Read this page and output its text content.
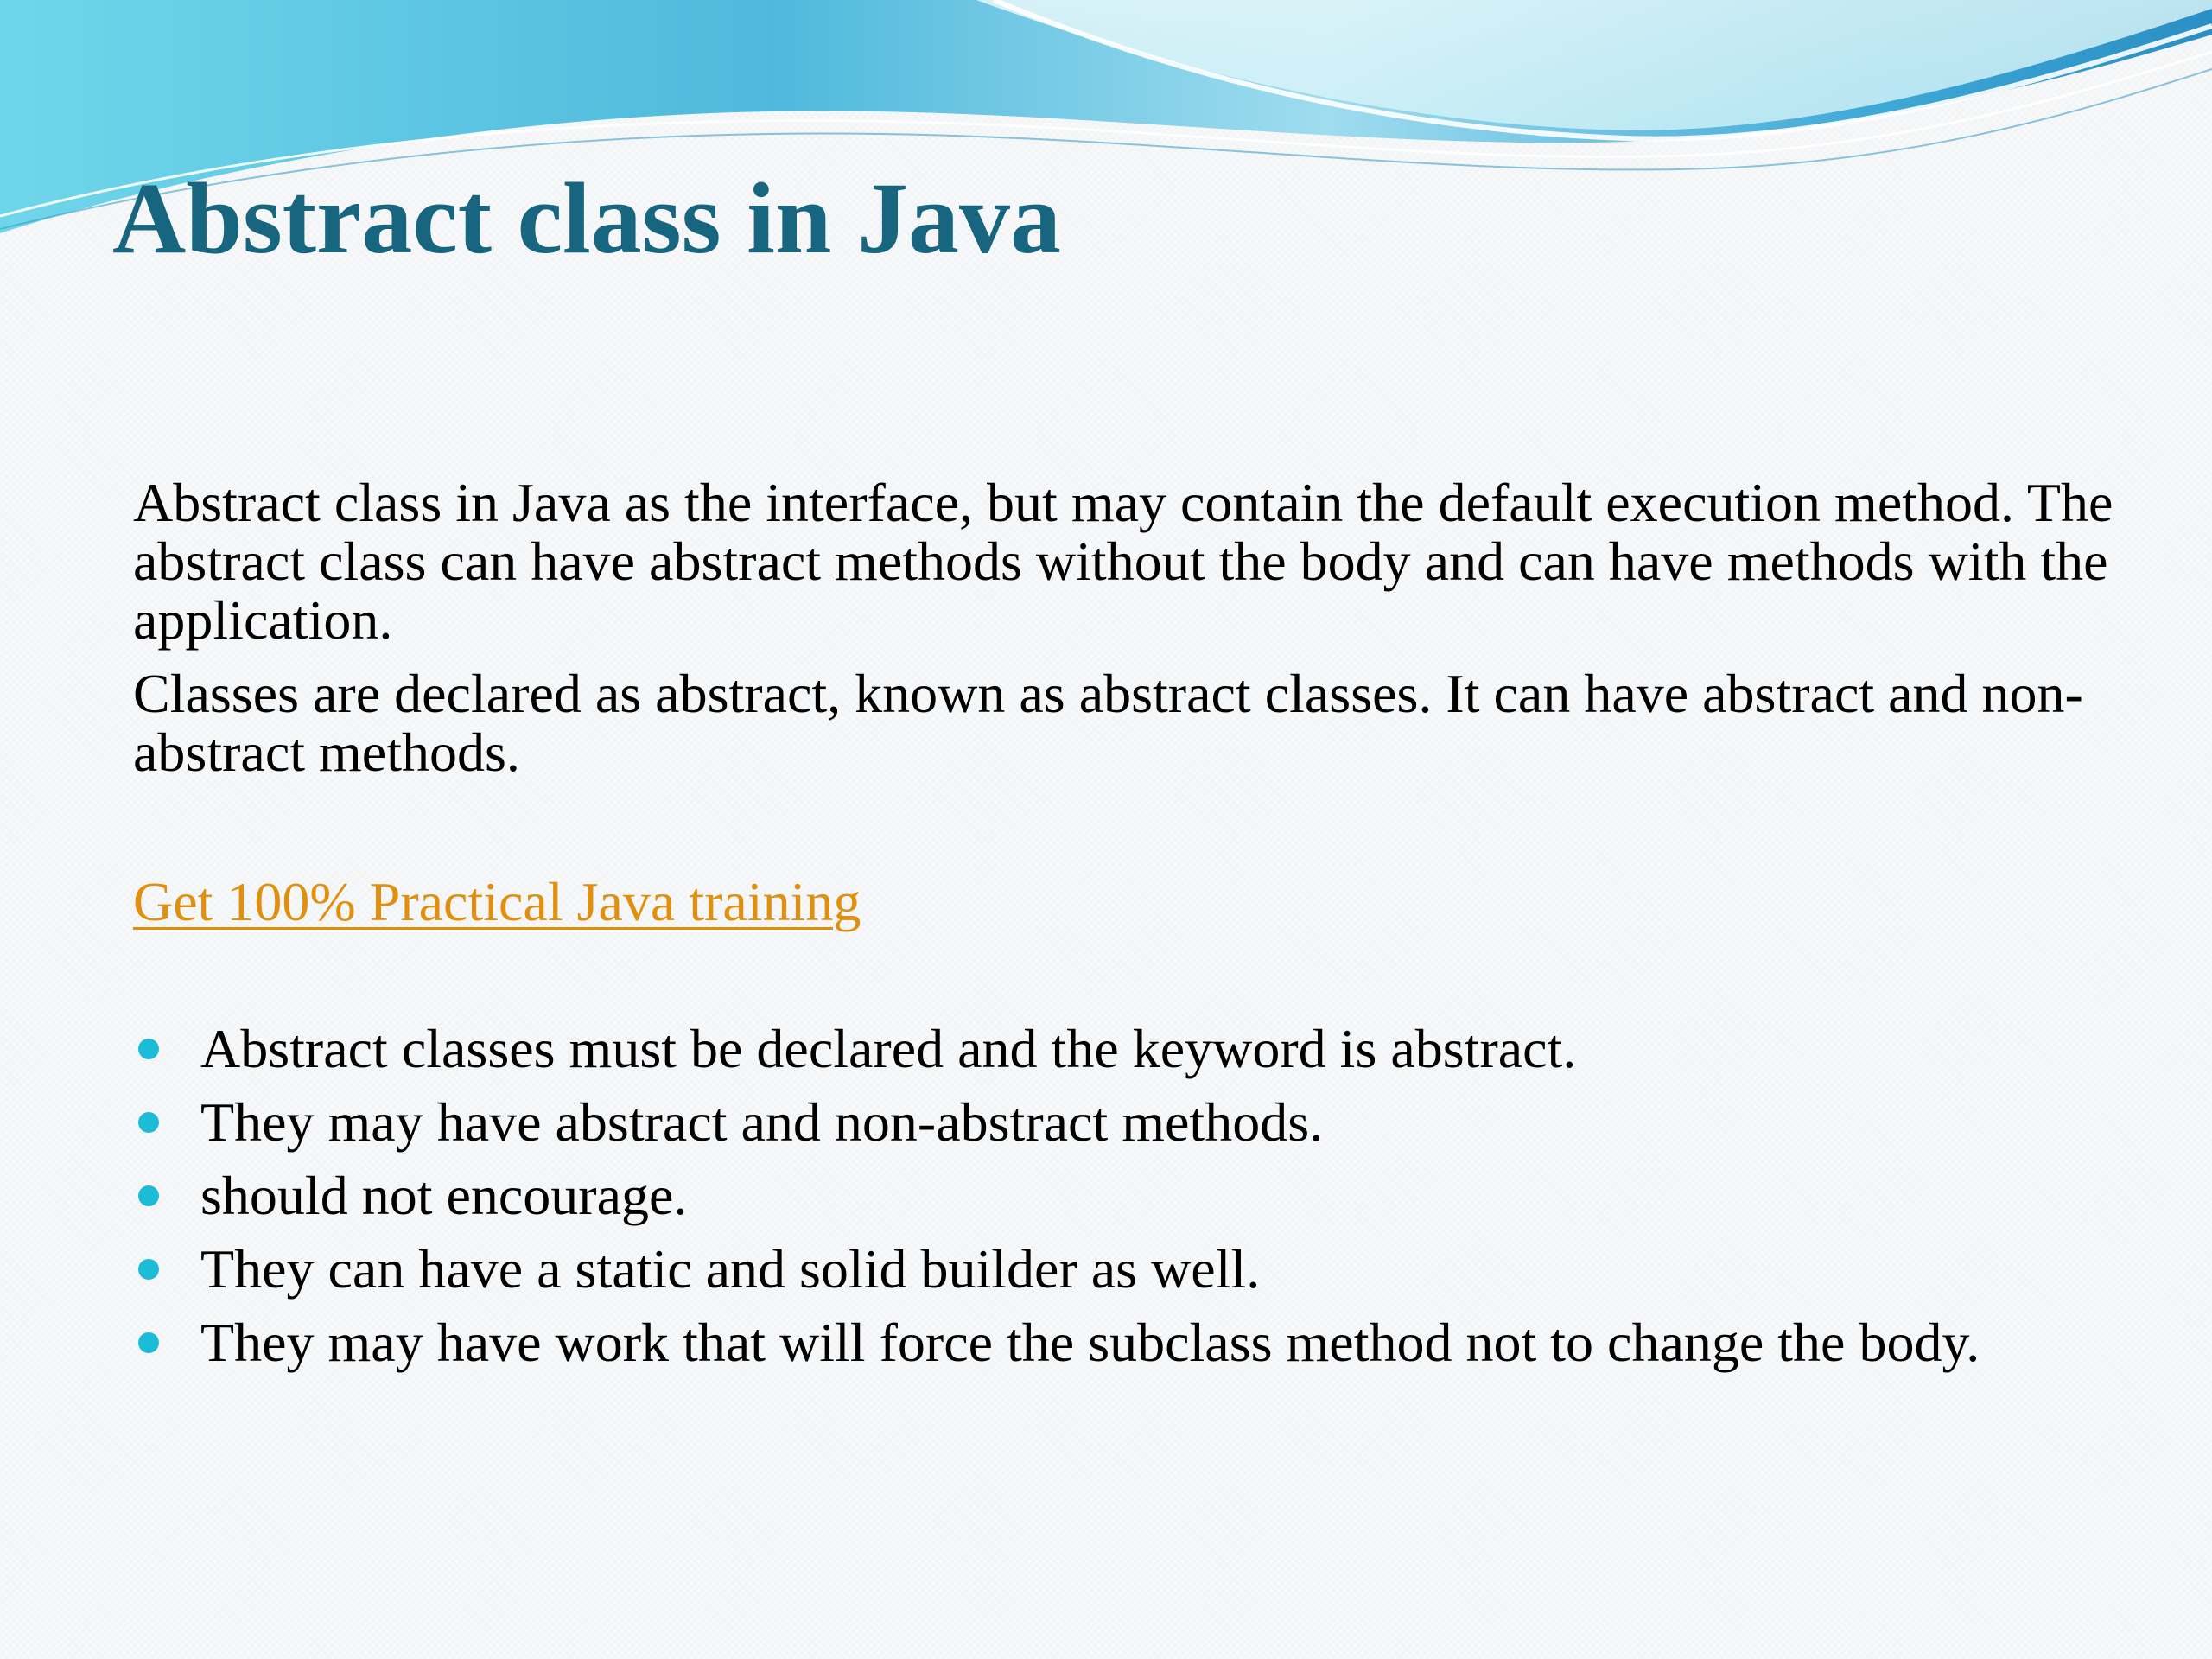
Abstract class in Java

Abstract class in Java as the interface, but may contain the default execution method. The abstract class can have abstract methods without the body and can have methods with the application.

Classes are declared as abstract, known as abstract classes. It can have abstract and non-abstract methods.

Get 100% Practical Java training
Abstract classes must be declared and the keyword is abstract.
They may have abstract and non-abstract methods.
should not encourage.
They can have a static and solid builder as well.
They may have work that will force the subclass method not to change the body.
